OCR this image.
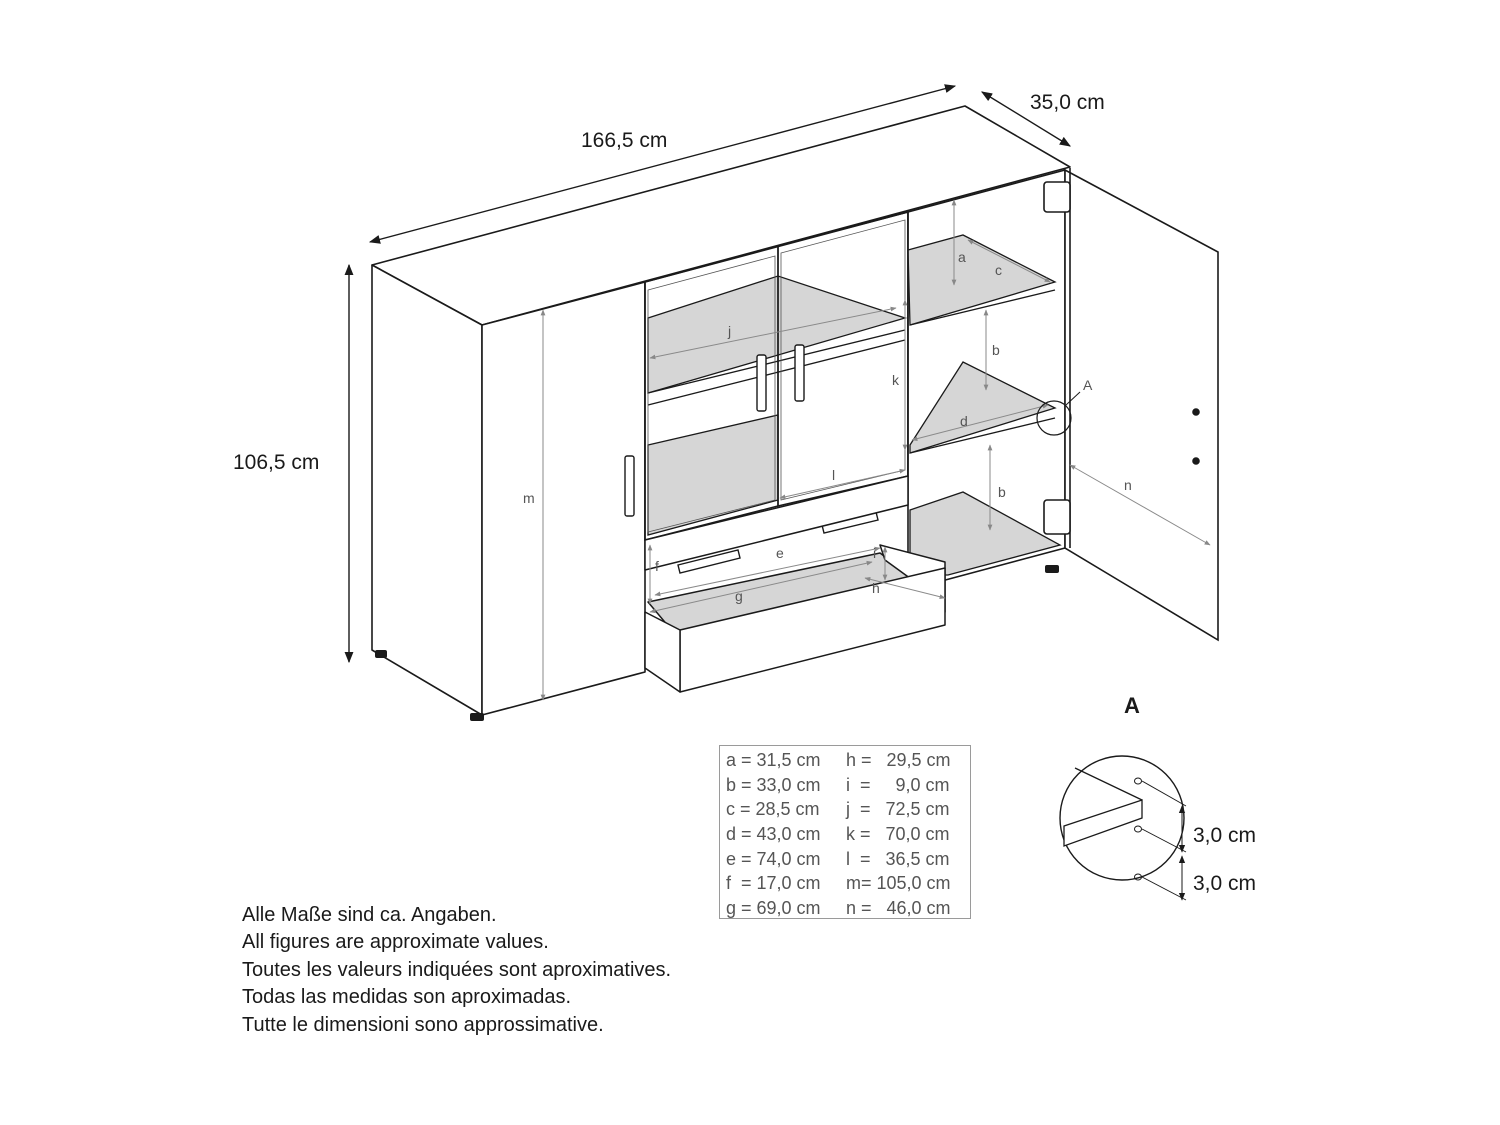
166,5 cm
35,0 cm
106,5 cm
m
j
k
l
a
c
b
d
b	n
e
f
i
h
g
A
A
3,0 cm
3,0 cm
a = 31,5 cm	h =   29,5 cm
b = 33,0 cm	i  =     9,0 cm
c = 28,5 cm	j  =   72,5 cm
d = 43,0 cm	k =   70,0 cm
e = 74,0 cm	l  =   36,5 cm
f  = 17,0 cm	m= 105,0 cm
g = 69,0 cm	n =   46,0 cm
Alle Maße sind ca. Angaben.
All figures are approximate values.
Toutes les valeurs indiquées sont aproximatives.
Todas las medidas son aproximadas.
Tutte le dimensioni sono approssimative.
